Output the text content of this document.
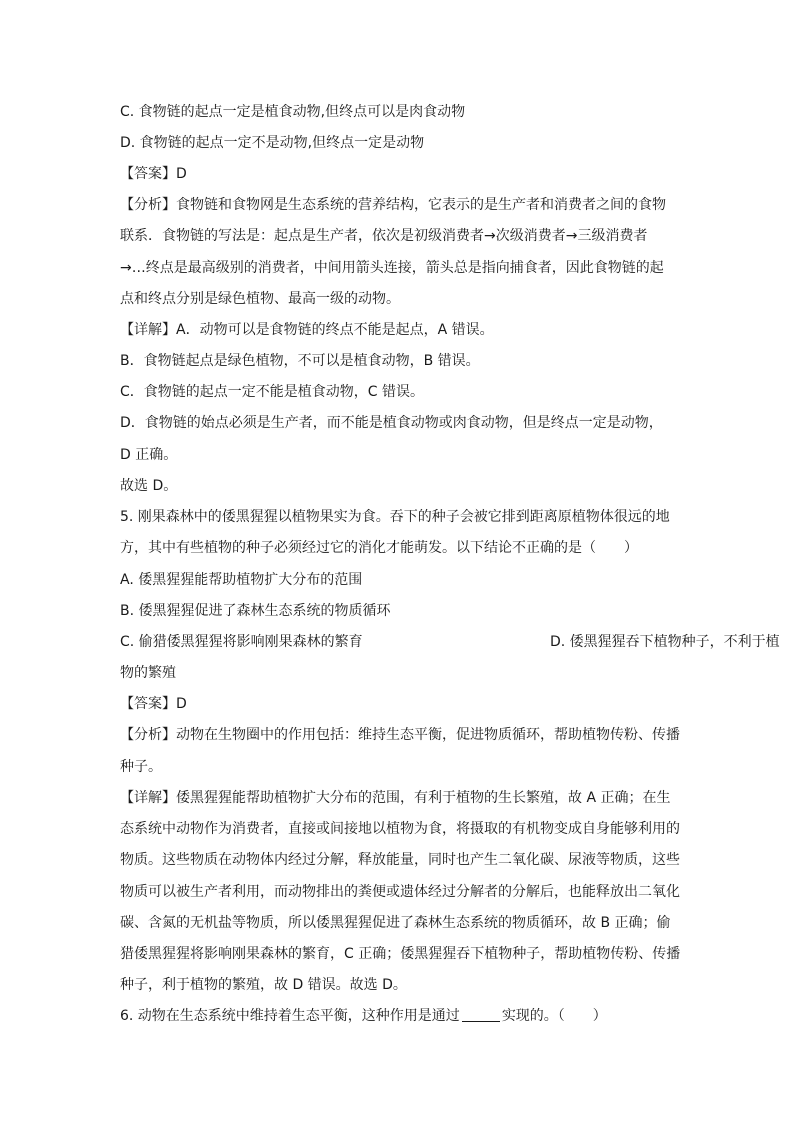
C. 食物链的起点一定是植食动物,但终点可以是肉食动物
D. 食物链的起点一定不是动物,但终点一定是动物
【答案】D
【分析】食物链和食物网是生态系统的营养结构，它表示的是生产者和消费者之间的食物
联系．食物链的写法是：起点是生产者，依次是初级消费者→次级消费者→三级消费者
→…终点是最高级别的消费者，中间用箭头连接，箭头总是指向捕食者，因此食物链的起
点和终点分别是绿色植物、最高一级的动物。
【详解】A．动物可以是食物链的终点不能是起点，A 错误。
B．食物链起点是绿色植物，不可以是植食动物，B 错误。
C．食物链的起点一定不能是植食动物，C 错误。
D．食物链的始点必须是生产者，而不能是植食动物或肉食动物，但是终点一定是动物，
D 正确。
故选 D。
5. 刚果森林中的倭黑猩猩以植物果实为食。吞下的种子会被它排到距离原植物体很远的地
方，其中有些植物的种子必须经过它的消化才能萌发。以下结论不正确的是（　　）
A. 倭黑猩猩能帮助植物扩大分布的范围
B. 倭黑猩猩促进了森林生态系统的物质循环
C. 偷猎倭黑猩猩将影响刚果森林的繁育	D. 倭黑猩猩吞下植物种子，不利于植
物的繁殖
【答案】D
【分析】动物在生物圈中的作用包括：维持生态平衡，促进物质循环，帮助植物传粉、传播
种子。
【详解】倭黑猩猩能帮助植物扩大分布的范围，有利于植物的生长繁殖，故 A 正确；在生
态系统中动物作为消费者，直接或间接地以植物为食，将摄取的有机物变成自身能够利用的
物质。这些物质在动物体内经过分解，释放能量，同时也产生二氧化碳、尿液等物质，这些
物质可以被生产者利用，而动物排出的粪便或遗体经过分解者的分解后，也能释放出二氧化
碳、含氮的无机盐等物质，所以倭黑猩猩促进了森林生态系统的物质循环，故 B 正确；偷
猎倭黑猩猩将影响刚果森林的繁育，C 正确；倭黑猩猩吞下植物种子，帮助植物传粉、传播
种子，利于植物的繁殖，故 D 错误。故选 D。
6. 动物在生态系统中维持着生态平衡，这种作用是通过	实现的。（　　）
